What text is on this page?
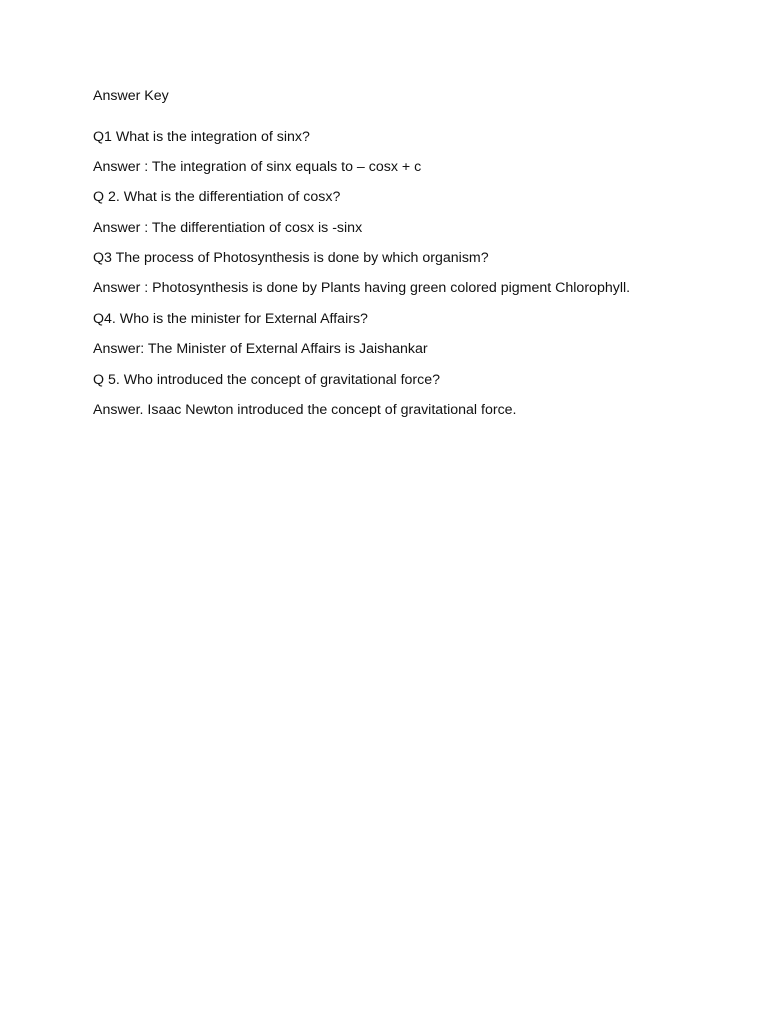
Answer Key
Q1 What is the integration of sinx?
Answer : The integration of sinx equals to – cosx + c
Q 2. What is the differentiation of cosx?
Answer : The differentiation of cosx is -sinx
Q3 The process of Photosynthesis is done by which organism?
Answer : Photosynthesis is done by Plants having green colored pigment Chlorophyll.
Q4. Who is the minister for External Affairs?
Answer: The Minister of External Affairs is Jaishankar
Q 5. Who introduced the concept of gravitational force?
Answer. Isaac Newton introduced the concept of gravitational force.
